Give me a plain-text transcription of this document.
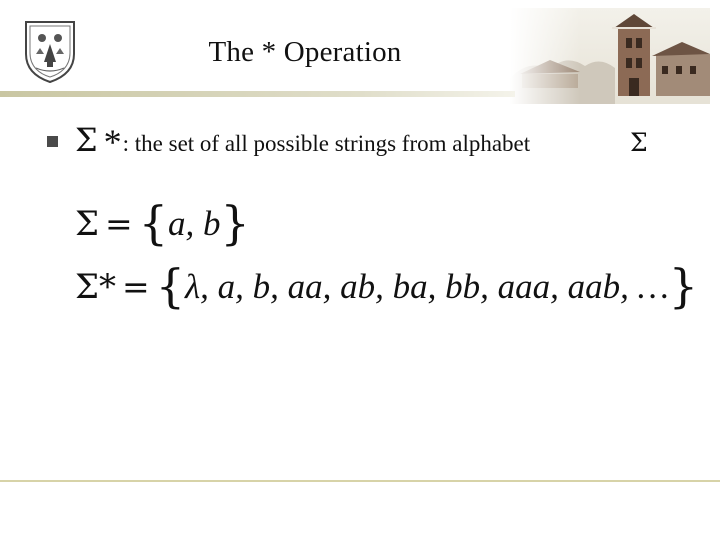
The * Operation
Σ *: the set of all possible strings from alphabet	Σ
Σ = {a, b}
Σ* = {λ, a, b, aa, ab, ba, bb, aaa, aab, …}
